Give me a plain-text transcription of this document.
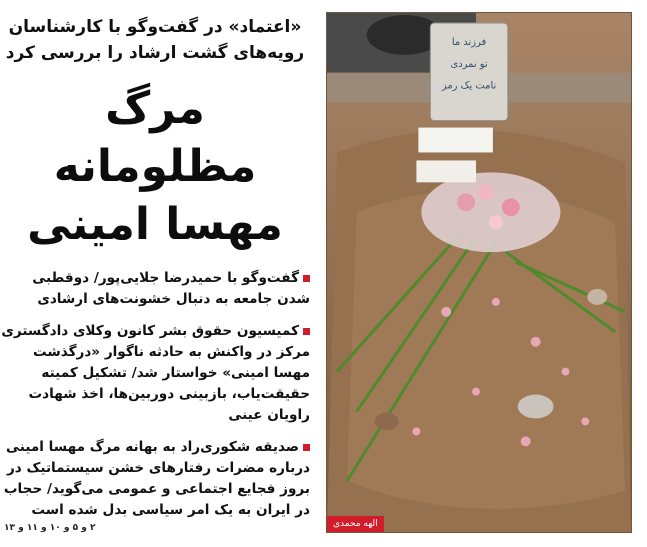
«اعتماد» در گفت‌وگو با کارشناسان رویه‌های گشت ارشاد را بررسی کرد
مرگ مظلومانه مهسا امینی
گفت‌وگو با حمیدرضا جلایی‌پور/ دوقطبی شدن جامعه به دنبال خشونت‌های ارشادی
کمیسیون حقوق بشر کانون وکلای دادگستری مرکز در واکنش به حادثه ناگوار «درگذشت مهسا امینی» خواستار شد/ تشکیل کمیته حقیقت‌یاب، بازبینی دوربین‌ها، اخذ شهادت راویان عینی
صدیقه شکوری‌راد به بهانه مرگ مهسا امینی درباره مضرات رفتارهای خشن سیستماتیک در بروز فجایع اجتماعی و عمومی می‌گوید/ حجاب در ایران به یک امر سیاسی بدل شده است
۲ و ۵ و ۱۰ و ۱۱ و ۱۳
فرزند ما
تو نمردی
نامت یک رمز
الهه محمدی
